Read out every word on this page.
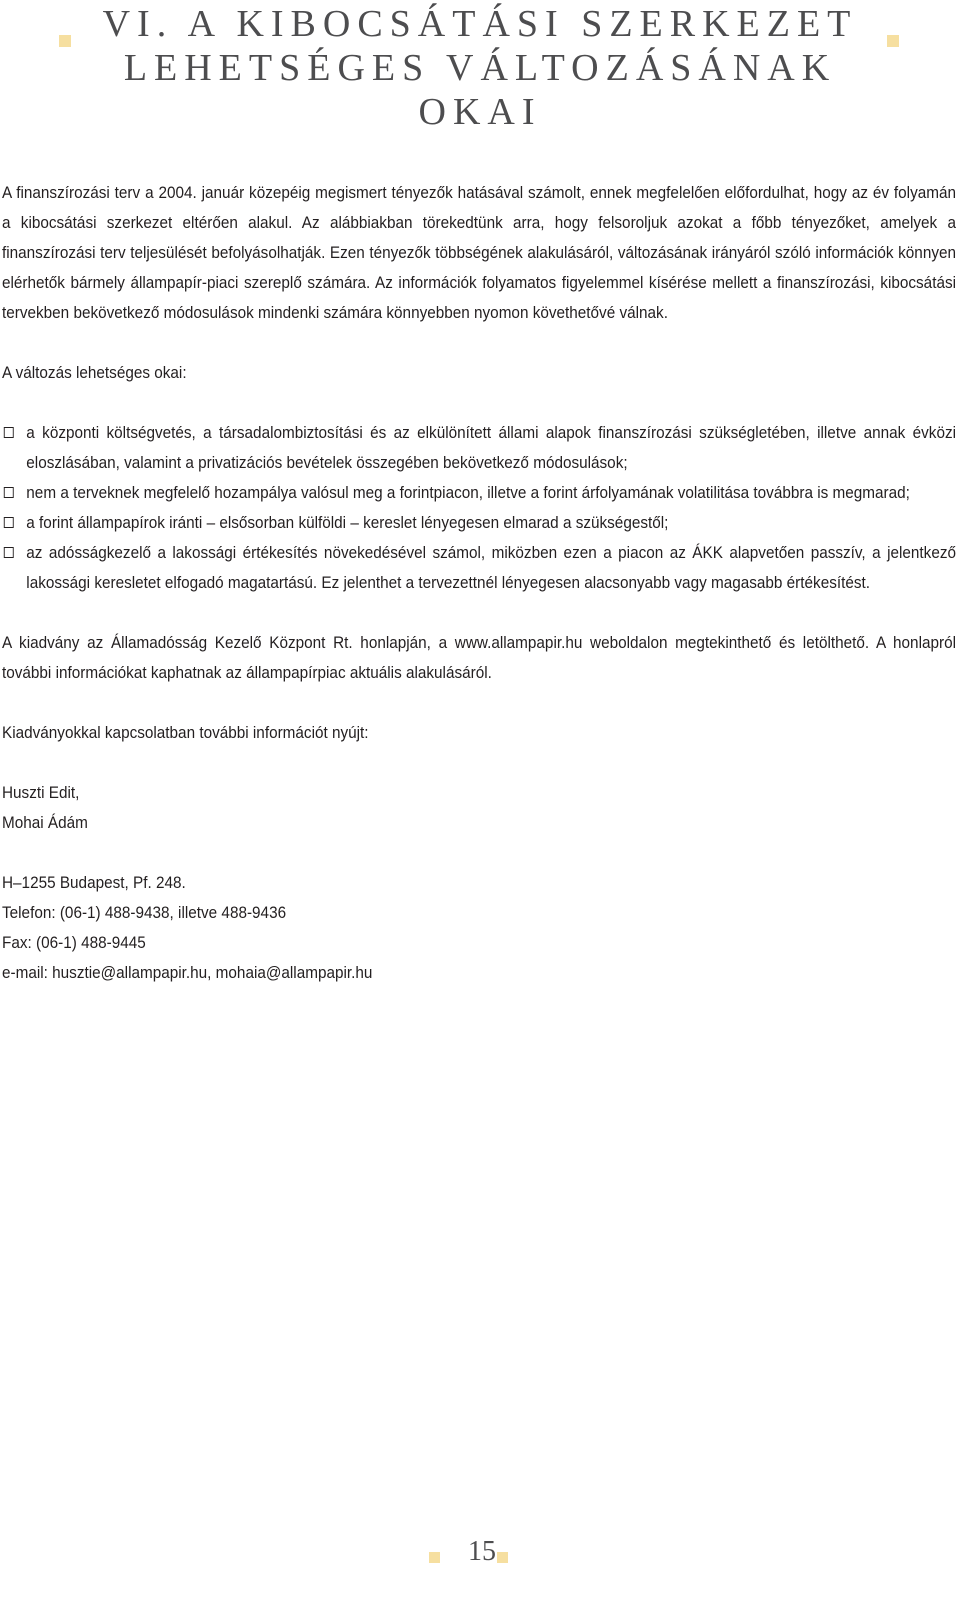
VI. A KIBOCSÁTÁSI SZERKEZET
LEHETSÉGES VÁLTOZÁSÁNAK OKAI

A finanszírozási terv a 2004. január közepéig megismert tényezők hatásával számolt, ennek megfelelően előfordulhat, hogy az év folyamán a kibocsátási szerkezet eltérően alakul. Az alábbiakban törekedtünk arra, hogy felsoroljuk azokat a főbb tényezőket, amelyek a finanszírozási terv teljesülését befolyásolhatják. Ezen tényezők többségének alakulásáról, változásának irányáról szóló információk könnyen elérhetők bármely állampapír-piaci szereplő számára. Az információk folyamatos figyelemmel kísérése mellett a finanszírozási, kibocsátási tervekben bekövetkező módosulások mindenki számára könnyebben nyomon követhetővé válnak.

A változás lehetséges okai:

a központi költségvetés, a társadalombiztosítási és az elkülönített állami alapok finanszírozási szükségletében, illetve annak évközi eloszlásában, valamint a privatizációs bevételek összegében bekövetkező módosulások;
nem a terveknek megfelelő hozampálya valósul meg a forintpiacon, illetve a forint árfolyamának volatilitása továbbra is megmarad;
a forint állampapírok iránti – elsősorban külföldi – kereslet lényegesen elmarad a szükségestől;
az adósságkezelő a lakossági értékesítés növekedésével számol, miközben ezen a piacon az ÁKK alapvetően passzív, a jelentkező lakossági keresletet elfogadó magatartású. Ez jelenthet a tervezettnél lényegesen alacsonyabb vagy magasabb értékesítést.

A kiadvány az Államadósság Kezelő Központ Rt. honlapján, a www.allampapir.hu weboldalon megtekinthető és letölthető. A honlapról további információkat kaphatnak az állampapírpiac aktuális alakulásáról.

Kiadványokkal kapcsolatban további információt nyújt:

Huszti Edit,

Mohai Ádám

H–1255 Budapest, Pf. 248.

Telefon: (06-1) 488-9438, illetve 488-9436

Fax: (06-1) 488-9445

e-mail: husztie@allampapir.hu, mohaia@allampapir.hu

15
